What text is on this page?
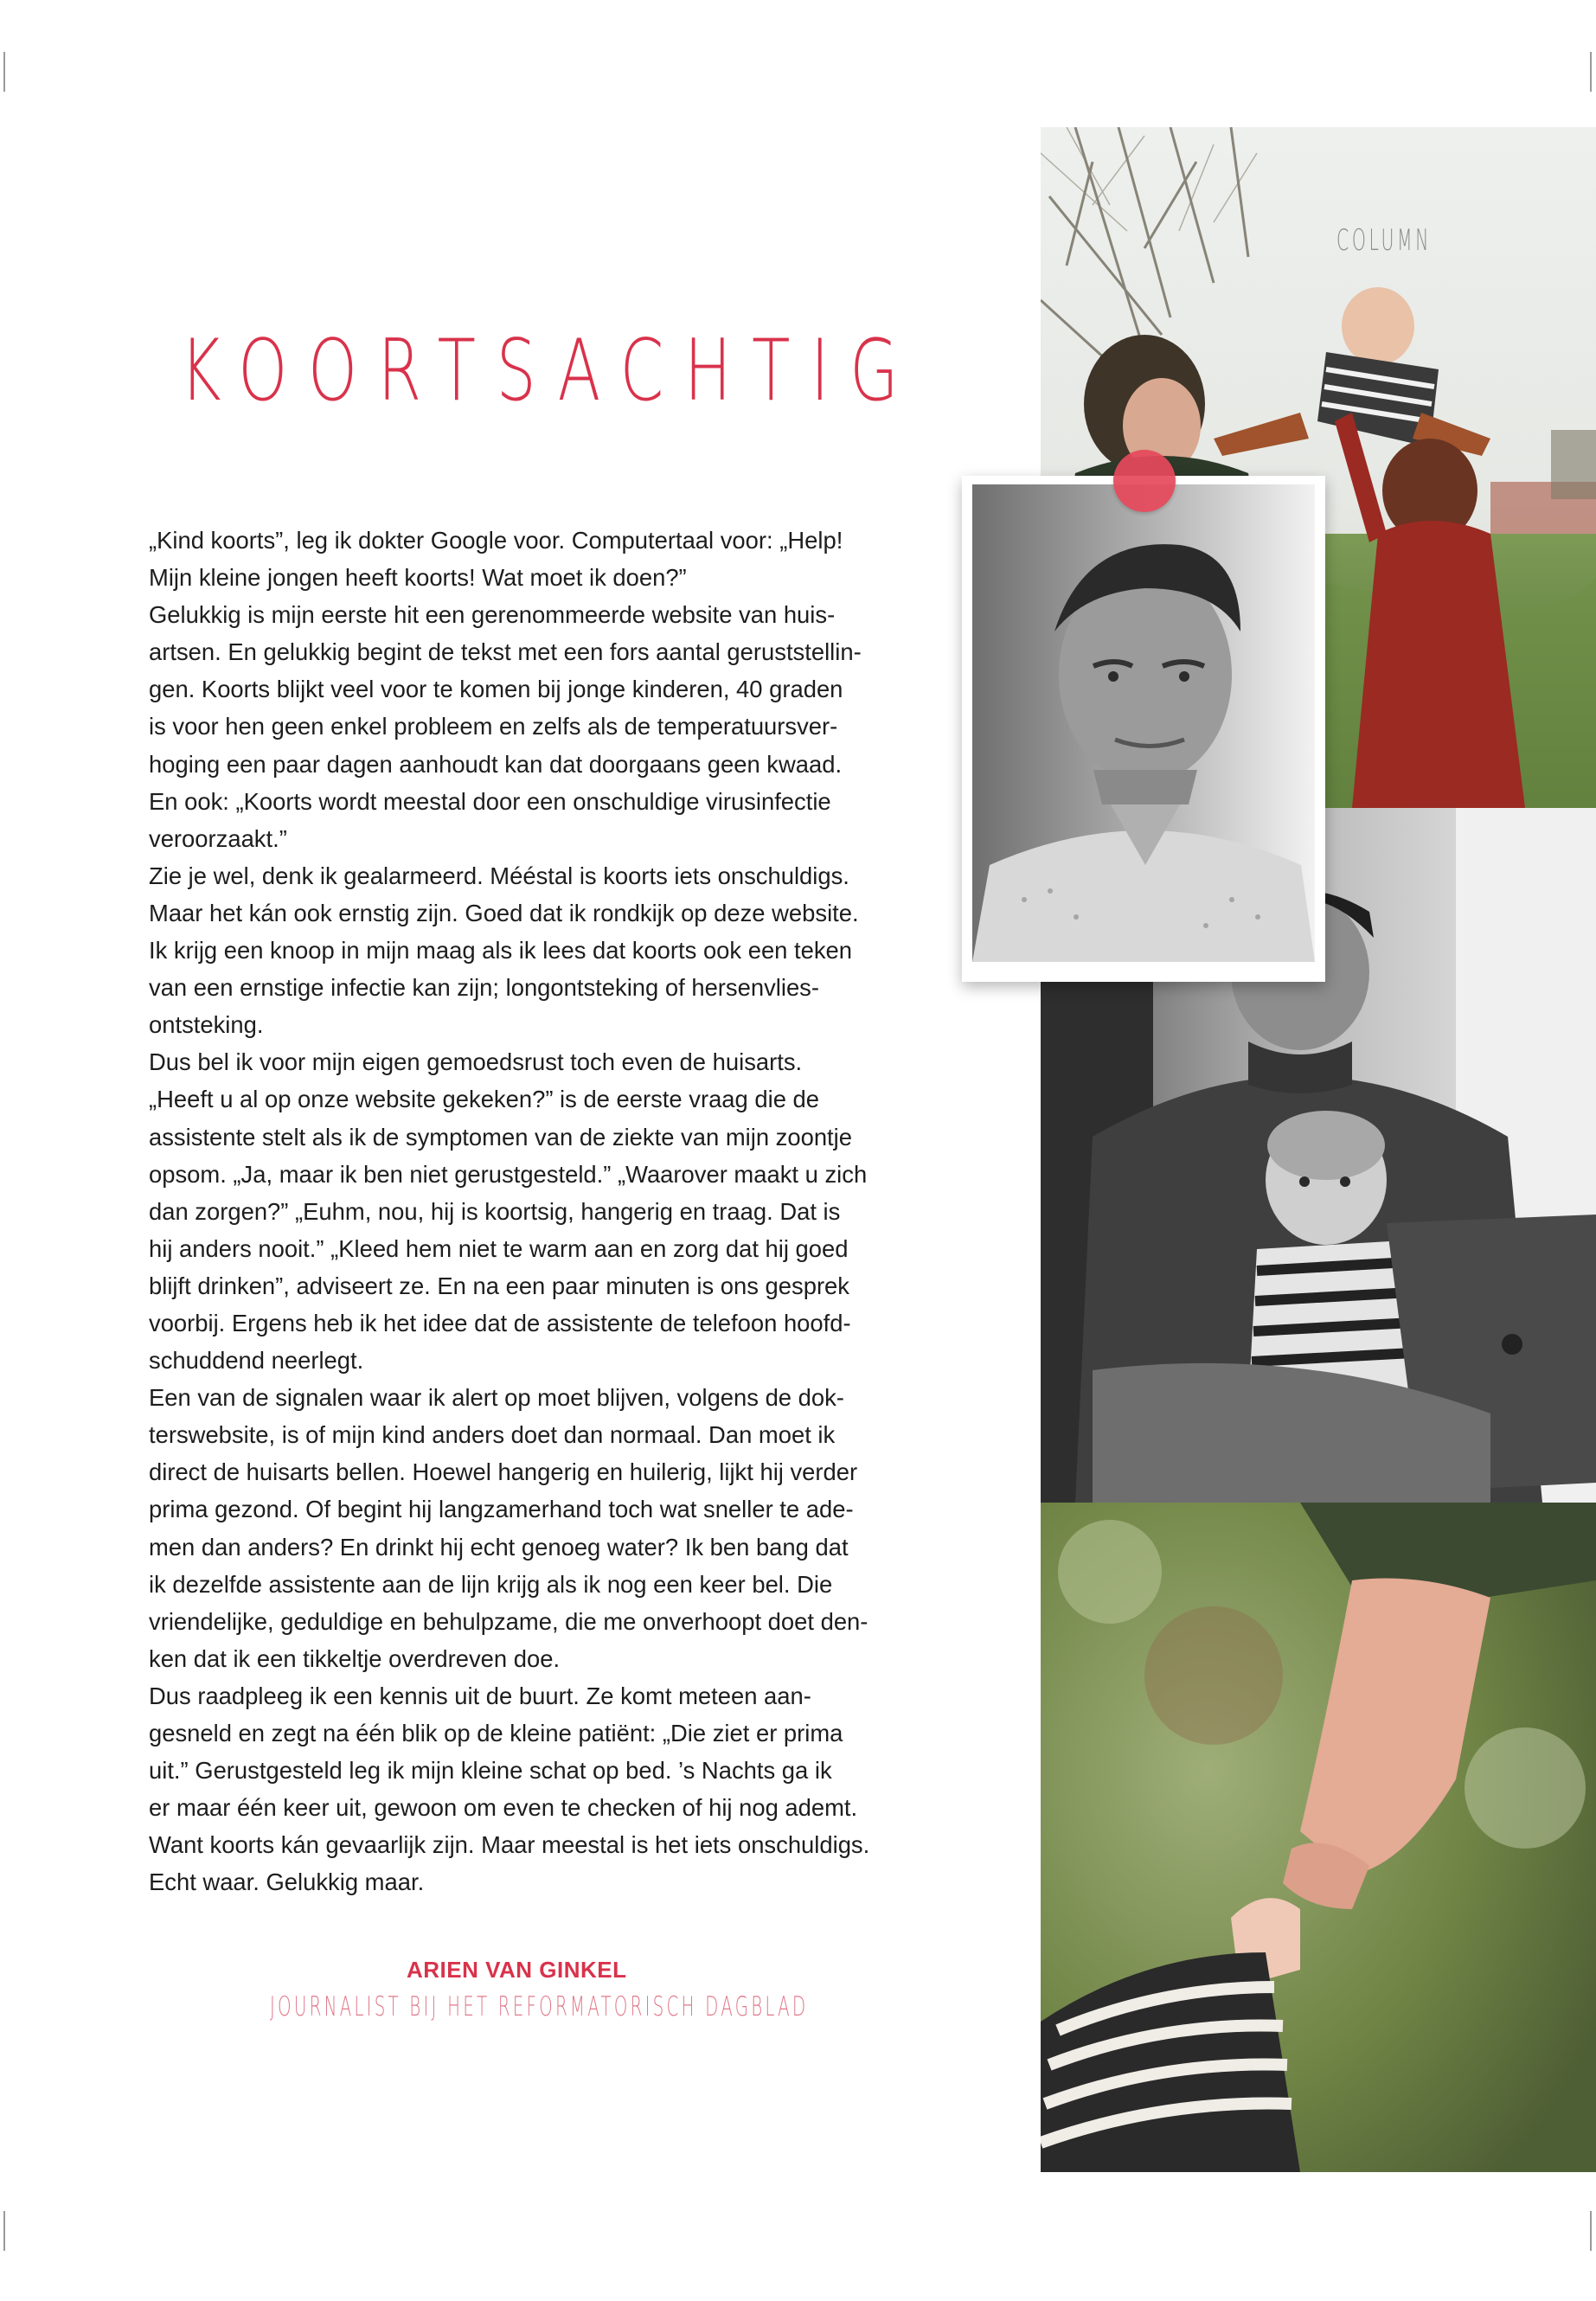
COLUMN
KOORTSACHTIG

„Kind koorts”, leg ik dokter Google voor. Computertaal voor: „Help!

Mijn kleine jongen heeft koorts! Wat moet ik doen?”

Gelukkig is mijn eerste hit een gerenommeerde website van huis-

artsen. En gelukkig begint de tekst met een fors aantal geruststellin-

gen. Koorts blijkt veel voor te komen bij jonge kinderen, 40 graden

is voor hen geen enkel probleem en zelfs als de temperatuursver-

hoging een paar dagen aanhoudt kan dat doorgaans geen kwaad.

En ook: „Koorts wordt meestal door een onschuldige virusinfectie

veroorzaakt.”

Zie je wel, denk ik gealarmeerd. Mééstal is koorts iets onschuldigs.

Maar het kán ook ernstig zijn. Goed dat ik rondkijk op deze website.

Ik krijg een knoop in mijn maag als ik lees dat koorts ook een teken

van een ernstige infectie kan zijn; longontsteking of hersenvlies-

ontsteking.

Dus bel ik voor mijn eigen gemoedsrust toch even de huisarts.

„Heeft u al op onze website gekeken?” is de eerste vraag die de

assistente stelt als ik de symptomen van de ziekte van mijn zoontje

opsom. „Ja, maar ik ben niet gerustgesteld.” „Waarover maakt u zich

dan zorgen?” „Euhm, nou, hij is koortsig, hangerig en traag. Dat is

hij anders nooit.” „Kleed hem niet te warm aan en zorg dat hij goed

blijft drinken”, adviseert ze. En na een paar minuten is ons gesprek

voorbij. Ergens heb ik het idee dat de assistente de telefoon hoofd-

schuddend neerlegt.

Een van de signalen waar ik alert op moet blijven, volgens de dok-

terswebsite, is of mijn kind anders doet dan normaal. Dan moet ik

direct de huisarts bellen. Hoewel hangerig en huilerig, lijkt hij verder

prima gezond. Of begint hij langzamerhand toch wat sneller te ade-

men dan anders? En drinkt hij echt genoeg water? Ik ben bang dat

ik dezelfde assistente aan de lijn krijg als ik nog een keer bel. Die

vriendelijke, geduldige en behulpzame, die me onverhoopt doet den-

ken dat ik een tikkeltje overdreven doe.

Dus raadpleeg ik een kennis uit de buurt. Ze komt meteen aan-

gesneld en zegt na één blik op de kleine patiënt: „Die ziet er prima

uit.” Gerustgesteld leg ik mijn kleine schat op bed. ’s Nachts ga ik

er maar één keer uit, gewoon om even te checken of hij nog ademt.

Want koorts kán gevaarlijk zijn. Maar meestal is het iets onschuldigs.

Echt waar. Gelukkig maar.

ARIEN VAN GINKEL
JOURNALIST BIJ HET REFORMATORISCH DAGBLAD
